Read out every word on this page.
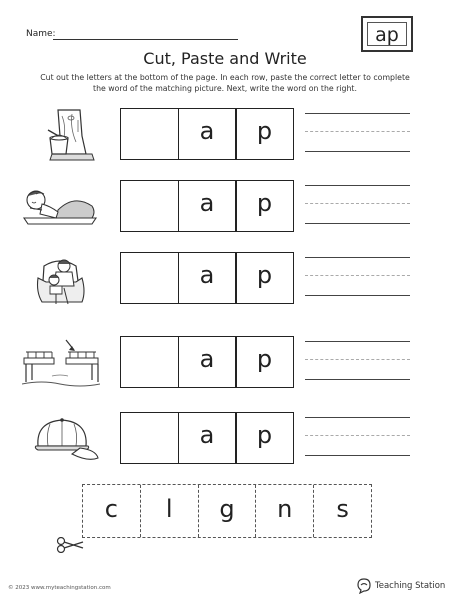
Name:
Cut, Paste and Write
ap
Cut out the letters at the bottom of the page. In each row, paste the correct letter to complete the word of the matching picture. Next, write the word on the right.
a	p
a	p
a	p
a	p
a	p
c	l	g	n	s
© 2023 www.myteachingstation.com	Teaching Station
